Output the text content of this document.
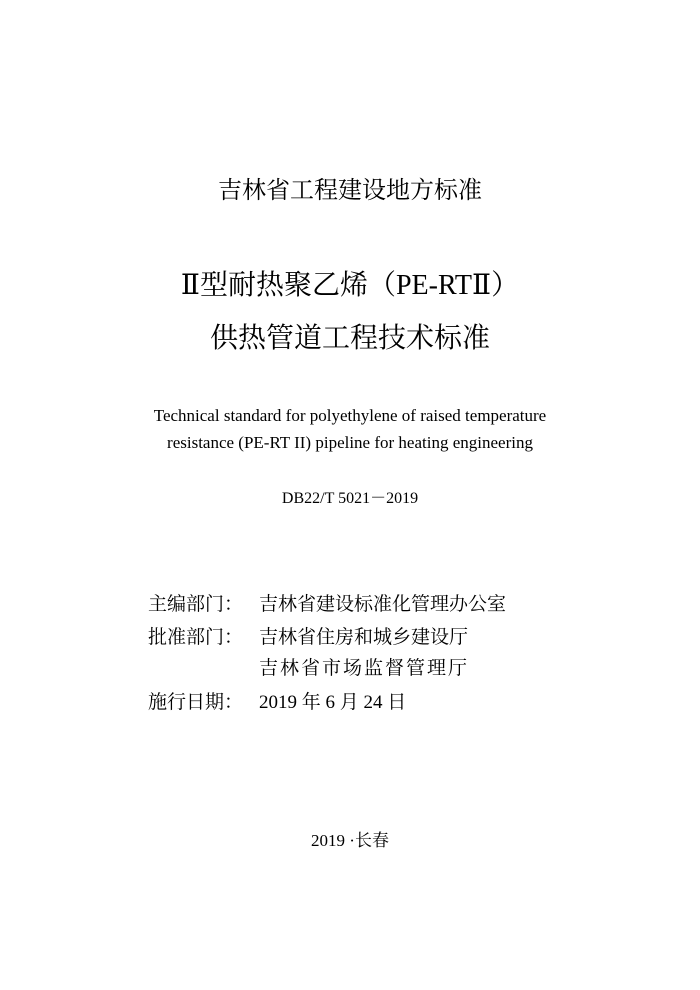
吉林省工程建设地方标准
Ⅱ型耐热聚乙烯（PE-RTⅡ）
供热管道工程技术标准
Technical standard for polyethylene of raised temperature
resistance (PE-RT II) pipeline for heating engineering
DB22/T 5021－2019
主编部门： 吉林省建设标准化管理办公室
批准部门： 吉林省住房和城乡建设厅
吉林省市场监督管理厅
施行日期： 2019 年 6 月 24 日
2019 ·长春
